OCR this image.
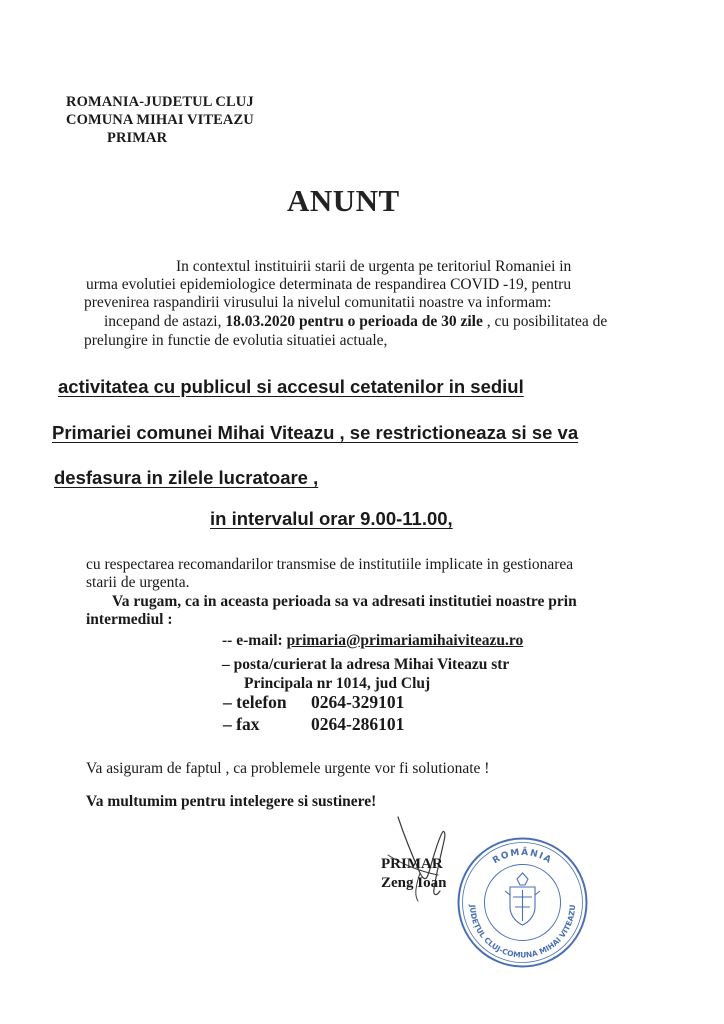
ROMANIA-JUDETUL CLUJ
COMUNA MIHAI VITEAZU
PRIMAR
ANUNT
In contextul instituirii starii de urgenta pe teritoriul Romaniei in
urma evolutiei epidemiologice determinata de respandirea COVID -19, pentru
prevenirea raspandirii virusului la nivelul comunitatii noastre va informam:
incepand de astazi, 18.03.2020 pentru o perioada de 30 zile , cu posibilitatea de
prelungire in functie de evolutia situatiei actuale,
activitatea cu publicul si accesul cetatenilor in sediul
Primariei comunei Mihai Viteazu , se restrictioneaza si se va
desfasura in zilele lucratoare ,
in intervalul orar 9.00-11.00,
cu respectarea recomandarilor transmise de institutiile implicate in gestionarea
starii de urgenta.
Va rugam, ca in aceasta perioada sa va adresati institutiei noastre prin
intermediul :
-- e-mail: primaria@primariamihaiviteazu.ro
– posta/curierat la adresa Mihai Viteazu str
Principala nr 1014, jud Cluj
– telefon 0264-329101
– fax	0264-286101
Va asiguram de faptul , ca problemele urgente vor fi solutionate !
Va multumim pentru intelegere si sustinere!
PRIMAR
Zeng Ioan
ROMÂNIA
JUDEȚUL CLUJ-COMUNA MIHAI VITEAZU
